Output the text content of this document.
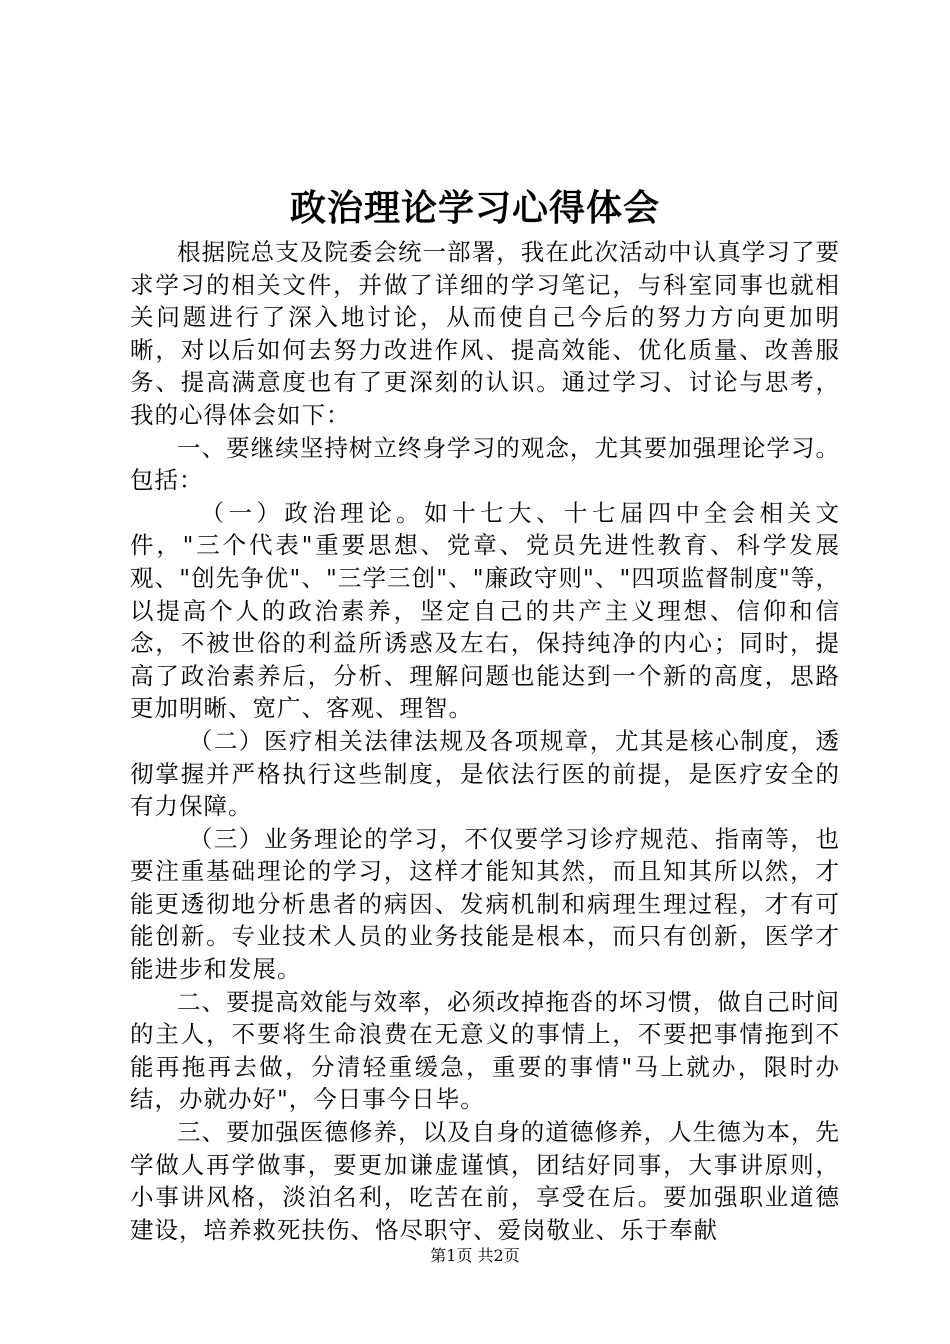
政治理论学习心得体会

根据院总支及院委会统一部署，我在此次活动中认真学习了要求学习的相关文件，并做了详细的学习笔记，与科室同事也就相关问题进行了深入地讨论，从而使自己今后的努力方向更加明晰，对以后如何去努力改进作风、提高效能、优化质量、改善服务、提高满意度也有了更深刻的认识。通过学习、讨论与思考，我的心得体会如下：

一、要继续坚持树立终身学习的观念，尤其要加强理论学习。包括：

（一）政治理论。如十七大、十七届四中全会相关文件，"三个代表"重要思想、党章、党员先进性教育、科学发展观、"创先争优"、"三学三创"、"廉政守则"、"四项监督制度"等，以提高个人的政治素养，坚定自己的共产主义理想、信仰和信念，不被世俗的利益所诱惑及左右，保持纯净的内心；同时，提高了政治素养后，分析、理解问题也能达到一个新的高度，思路更加明晰、宽广、客观、理智。

（二）医疗相关法律法规及各项规章，尤其是核心制度，透彻掌握并严格执行这些制度，是依法行医的前提，是医疗安全的有力保障。

（三）业务理论的学习，不仅要学习诊疗规范、指南等，也要注重基础理论的学习，这样才能知其然，而且知其所以然，才能更透彻地分析患者的病因、发病机制和病理生理过程，才有可能创新。专业技术人员的业务技能是根本，而只有创新，医学才能进步和发展。

二、要提高效能与效率，必须改掉拖沓的坏习惯，做自己时间的主人，不要将生命浪费在无意义的事情上，不要把事情拖到不能再拖再去做，分清轻重缓急，重要的事情"马上就办，限时办结，办就办好"，今日事今日毕。

三、要加强医德修养，以及自身的道德修养，人生德为本，先学做人再学做事，要更加谦虚谨慎，团结好同事，大事讲原则，小事讲风格，淡泊名利，吃苦在前，享受在后。要加强职业道德建设，培养救死扶伤、恪尽职守、爱岗敬业、乐于奉献

第1页 共2页
